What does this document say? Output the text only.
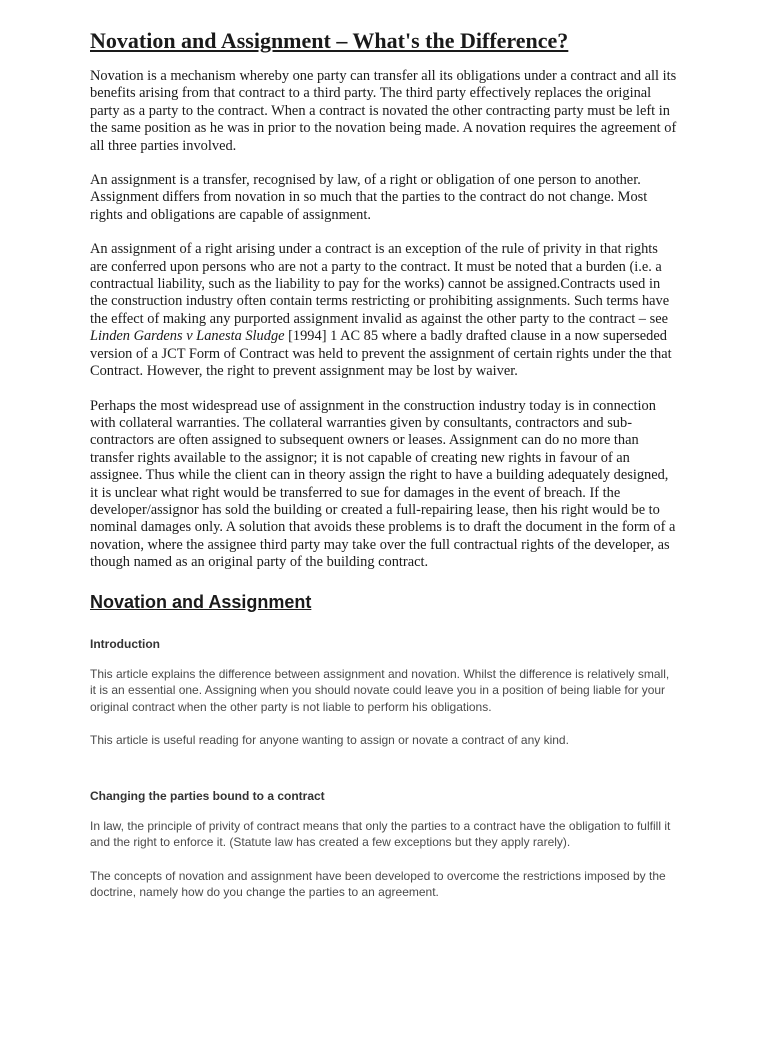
Novation and Assignment – What's the Difference?

Novation is a mechanism whereby one party can transfer all its obligations under a contract and all its benefits arising from that contract to a third party. The third party effectively replaces the original party as a party to the contract. When a contract is novated the other contracting party must be left in the same position as he was in prior to the novation being made. A novation requires the agreement of all three parties involved.

An assignment is a transfer, recognised by law, of a right or obligation of one person to another. Assignment differs from novation in so much that the parties to the contract do not change. Most rights and obligations are capable of assignment.

An assignment of a right arising under a contract is an exception of the rule of privity in that rights are conferred upon persons who are not a party to the contract. It must be noted that a burden (i.e. a contractual liability, such as the liability to pay for the works) cannot be assigned.Contracts used in the construction industry often contain terms restricting or prohibiting assignments. Such terms have the effect of making any purported assignment invalid as against the other party to the contract – see Linden Gardens v Lanesta Sludge [1994] 1 AC 85 where a badly drafted clause in a now superseded version of a JCT Form of Contract was held to prevent the assignment of certain rights under the that Contract. However, the right to prevent assignment may be lost by waiver.

Perhaps the most widespread use of assignment in the construction industry today is in connection with collateral warranties. The collateral warranties given by consultants, contractors and sub-contractors are often assigned to subsequent owners or leases. Assignment can do no more than transfer rights available to the assignor; it is not capable of creating new rights in favour of an assignee. Thus while the client can in theory assign the right to have a building adequately designed, it is unclear what right would be transferred to sue for damages in the event of breach. If the developer/assignor has sold the building or created a full-repairing lease, then his right would be to nominal damages only. A solution that avoids these problems is to draft the document in the form of a novation, where the assignee third party may take over the full contractual rights of the developer, as though named as an original party of the building contract.

Novation and Assignment
Introduction

This article explains the difference between assignment and novation. Whilst the difference is relatively small, it is an essential one. Assigning when you should novate could leave you in a position of being liable for your original contract when the other party is not liable to perform his obligations.

This article is useful reading for anyone wanting to assign or novate a contract of any kind.

Changing the parties bound to a contract

In law, the principle of privity of contract means that only the parties to a contract have the obligation to fulfill it and the right to enforce it. (Statute law has created a few exceptions but they apply rarely).

The concepts of novation and assignment have been developed to overcome the restrictions imposed by the doctrine, namely how do you change the parties to an agreement.
